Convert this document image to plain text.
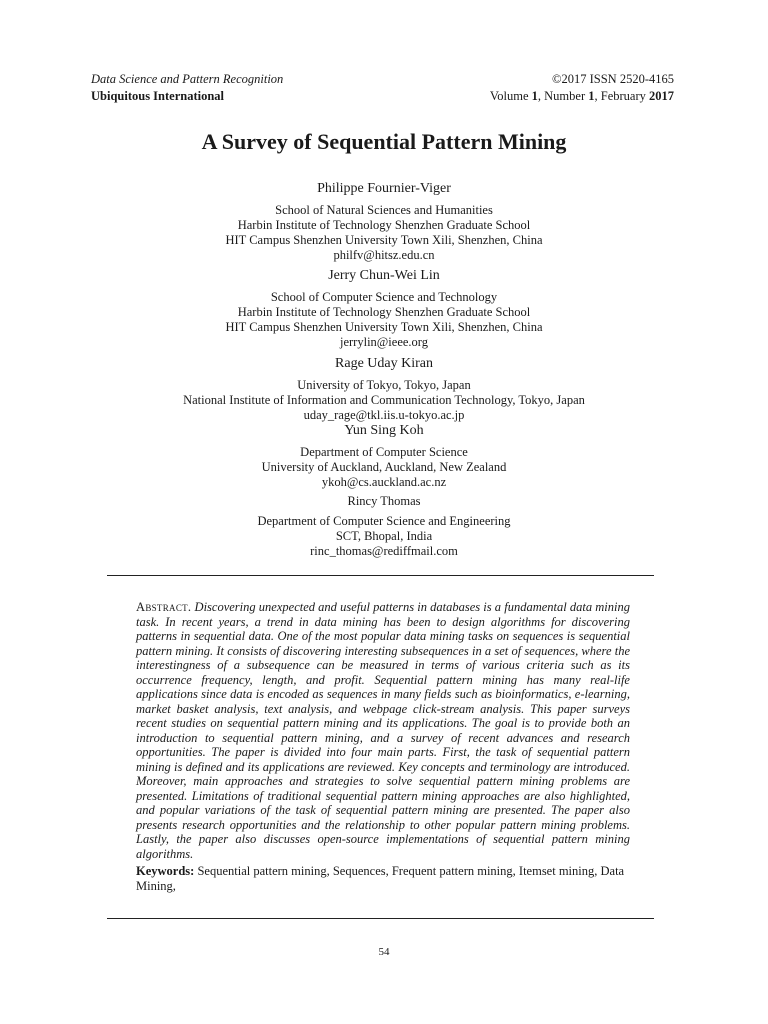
Data Science and Pattern Recognition
Ubiquitous International
©2017 ISSN 2520-4165
Volume 1, Number 1, February 2017
A Survey of Sequential Pattern Mining
Philippe Fournier-Viger
School of Natural Sciences and Humanities
Harbin Institute of Technology Shenzhen Graduate School
HIT Campus Shenzhen University Town Xili, Shenzhen, China
philfv@hitsz.edu.cn
Jerry Chun-Wei Lin
School of Computer Science and Technology
Harbin Institute of Technology Shenzhen Graduate School
HIT Campus Shenzhen University Town Xili, Shenzhen, China
jerrylin@ieee.org
Rage Uday Kiran
University of Tokyo, Tokyo, Japan
National Institute of Information and Communication Technology, Tokyo, Japan
uday_rage@tkl.iis.u-tokyo.ac.jp
Yun Sing Koh
Department of Computer Science
University of Auckland, Auckland, New Zealand
ykoh@cs.auckland.ac.nz
Rincy Thomas
Department of Computer Science and Engineering
SCT, Bhopal, India
rinc_thomas@rediffmail.com

Abstract. Discovering unexpected and useful patterns in databases is a fundamental data mining task. In recent years, a trend in data mining has been to design algorithms for discovering patterns in sequential data. One of the most popular data mining tasks on sequences is sequential pattern mining. It consists of discovering interesting subsequences in a set of sequences, where the interestingness of a subsequence can be measured in terms of various criteria such as its occurrence frequency, length, and profit. Sequential pattern mining has many real-life applications since data is encoded as sequences in many fields such as bioinformatics, e-learning, market basket analysis, text analysis, and webpage click-stream analysis. This paper surveys recent studies on sequential pattern mining and its applications. The goal is to provide both an introduction to sequential pattern mining, and a survey of recent advances and research opportunities. The paper is divided into four main parts. First, the task of sequential pattern mining is defined and its applications are reviewed. Key concepts and terminology are introduced. Moreover, main approaches and strategies to solve sequential pattern mining problems are presented. Limitations of traditional sequential pattern mining approaches are also highlighted, and popular variations of the task of sequential pattern mining are presented. The paper also presents research opportunities and the relationship to other popular pattern mining problems. Lastly, the paper also discusses open-source implementations of sequential pattern mining algorithms.

Keywords: Sequential pattern mining, Sequences, Frequent pattern mining, Itemset mining, Data Mining,

54
